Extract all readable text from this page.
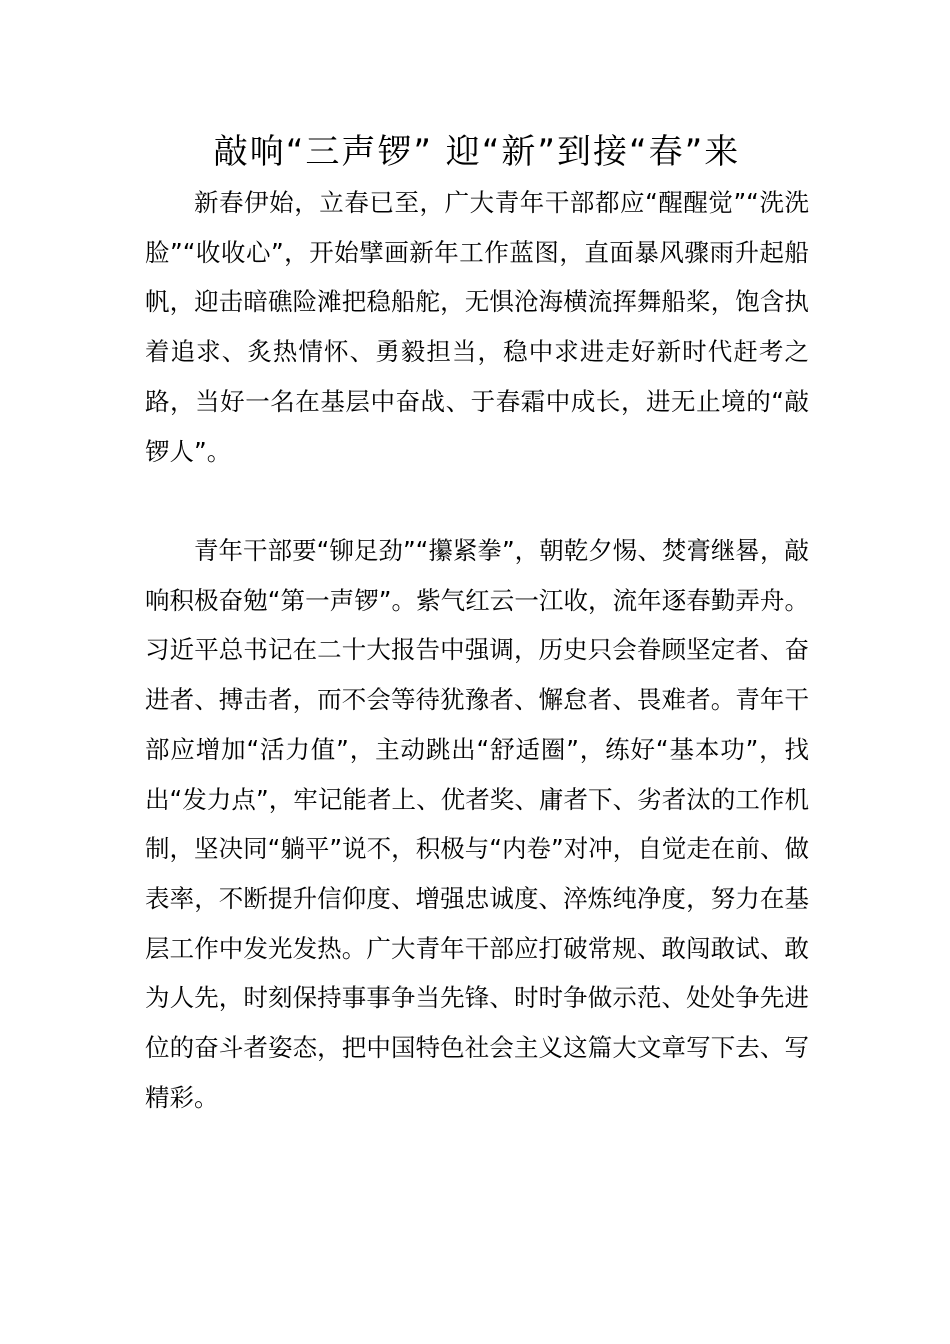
敲响“三声锣” 迎“新”到接“春”来

新春伊始，立春已至，广大青年干部都应“醒醒觉”“洗洗脸”“收收心”，开始擘画新年工作蓝图，直面暴风骤雨升起船帆，迎击暗礁险滩把稳船舵，无惧沧海横流挥舞船桨，饱含执着追求、炙热情怀、勇毅担当，稳中求进走好新时代赶考之路，当好一名在基层中奋战、于春霜中成长，进无止境的“敲锣人”。

青年干部要“铆足劲”“攥紧拳”，朝乾夕惕、焚膏继晷，敲响积极奋勉“第一声锣”。紫气红云一江收，流年逐春勤弄舟。习近平总书记在二十大报告中强调，历史只会眷顾坚定者、奋进者、搏击者，而不会等待犹豫者、懈怠者、畏难者。青年干部应增加“活力值”，主动跳出“舒适圈”，练好“基本功”，找出“发力点”，牢记能者上、优者奖、庸者下、劣者汰的工作机制，坚决同“躺平”说不，积极与“内卷”对冲，自觉走在前、做表率，不断提升信仰度、增强忠诚度、淬炼纯净度，努力在基层工作中发光发热。广大青年干部应打破常规、敢闯敢试、敢为人先，时刻保持事事争当先锋、时时争做示范、处处争先进位的奋斗者姿态，把中国特色社会主义这篇大文章写下去、写精彩。
